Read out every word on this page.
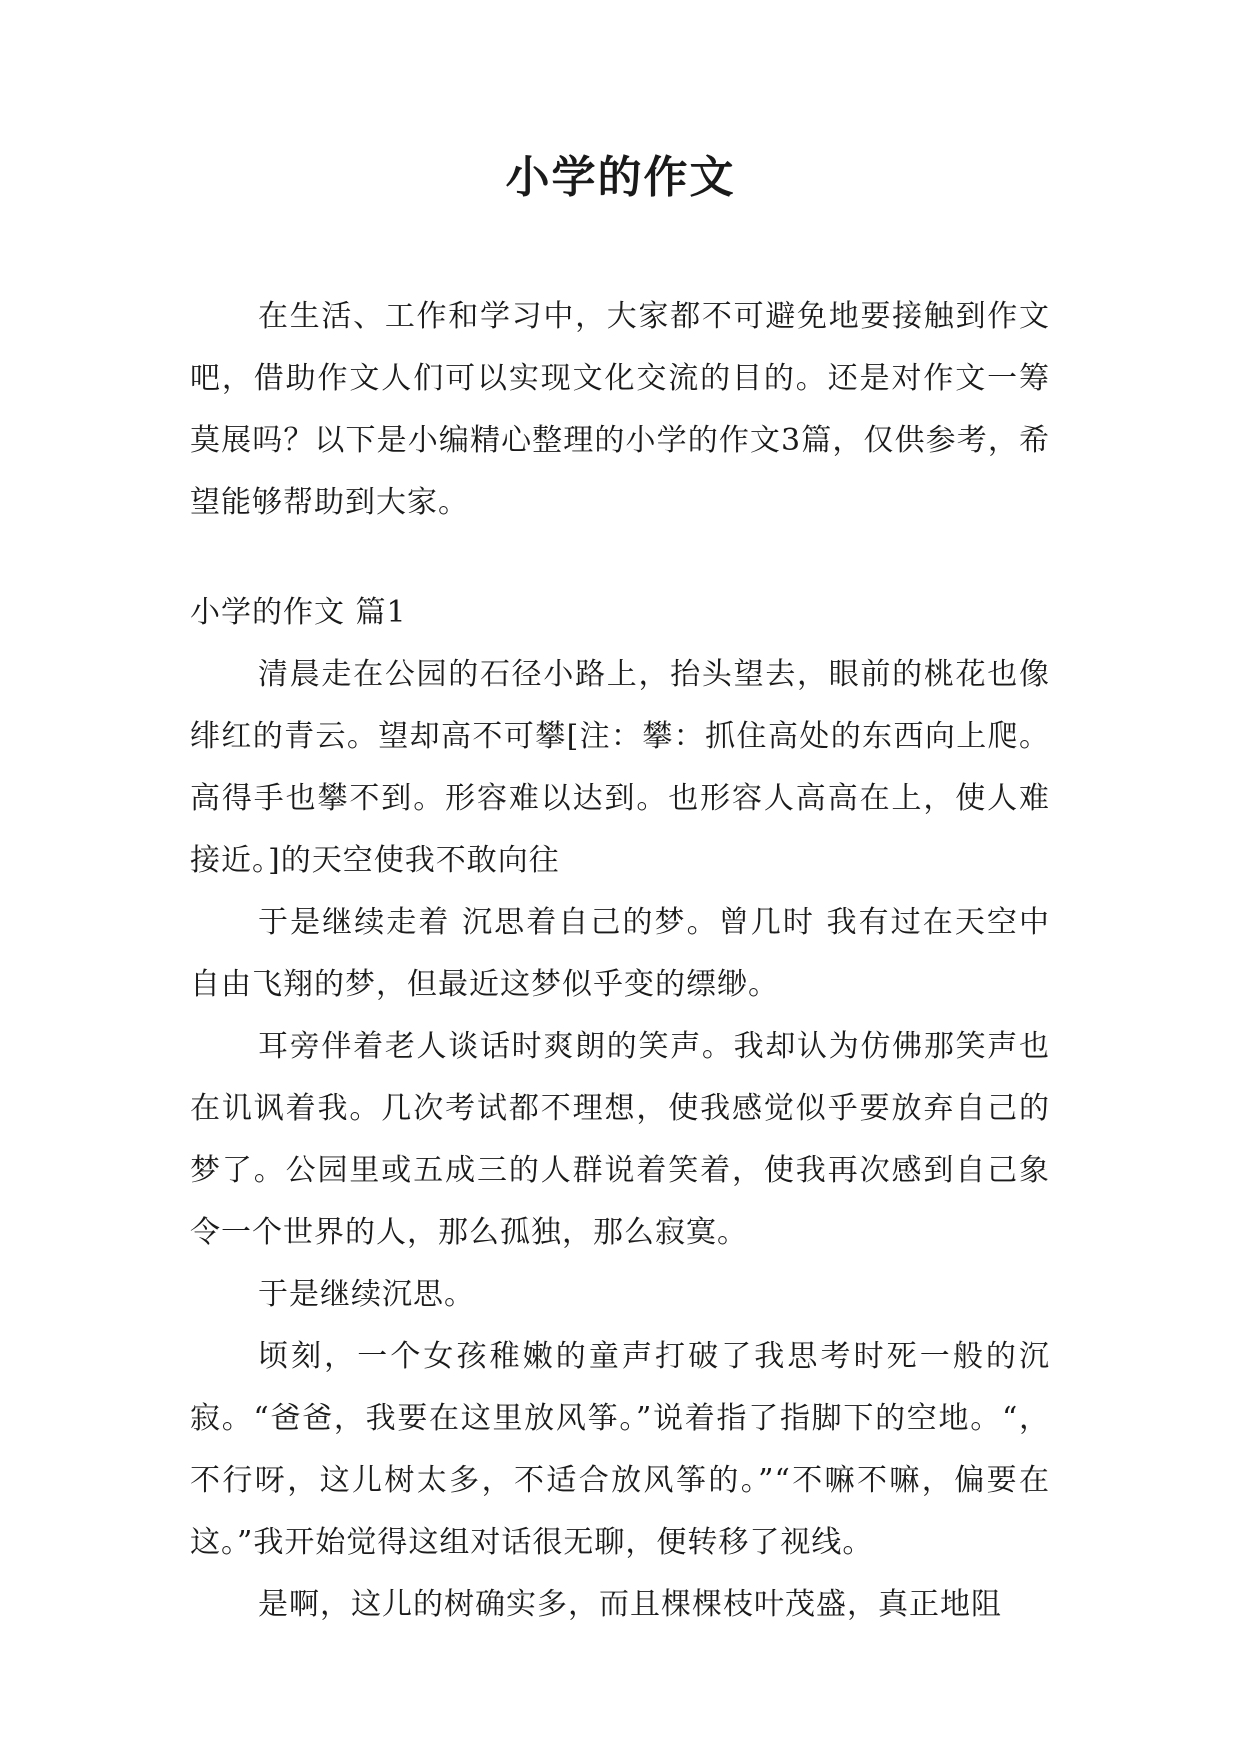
小学的作文

在生活、工作和学习中，大家都不可避免地要接触到作文吧，借助作文人们可以实现文化交流的目的。还是对作文一筹莫展吗？以下是小编精心整理的小学的作文3篇，仅供参考，希望能够帮助到大家。

小学的作文 篇1

清晨走在公园的石径小路上，抬头望去，眼前的桃花也像绯红的青云。望却高不可攀[注：攀：抓住高处的东西向上爬。高得手也攀不到。形容难以达到。也形容人高高在上，使人难接近。]的天空使我不敢向往

于是继续走着 沉思着自己的梦。曾几时 我有过在天空中自由飞翔的梦，但最近这梦似乎变的缥缈。

耳旁伴着老人谈话时爽朗的笑声。我却认为仿佛那笑声也在讥讽着我。几次考试都不理想，使我感觉似乎要放弃自己的梦了。公园里或五成三的人群说着笑着，使我再次感到自己象令一个世界的人，那么孤独，那么寂寞。

于是继续沉思。

顷刻，一个女孩稚嫩的童声打破了我思考时死一般的沉寂。“爸爸，我要在这里放风筝。”说着指了指脚下的空地。“，不行呀，这儿树太多，不适合放风筝的。”“不嘛不嘛，偏要在这。”我开始觉得这组对话很无聊，便转移了视线。

是啊，这儿的树确实多，而且棵棵枝叶茂盛，真正地阻
